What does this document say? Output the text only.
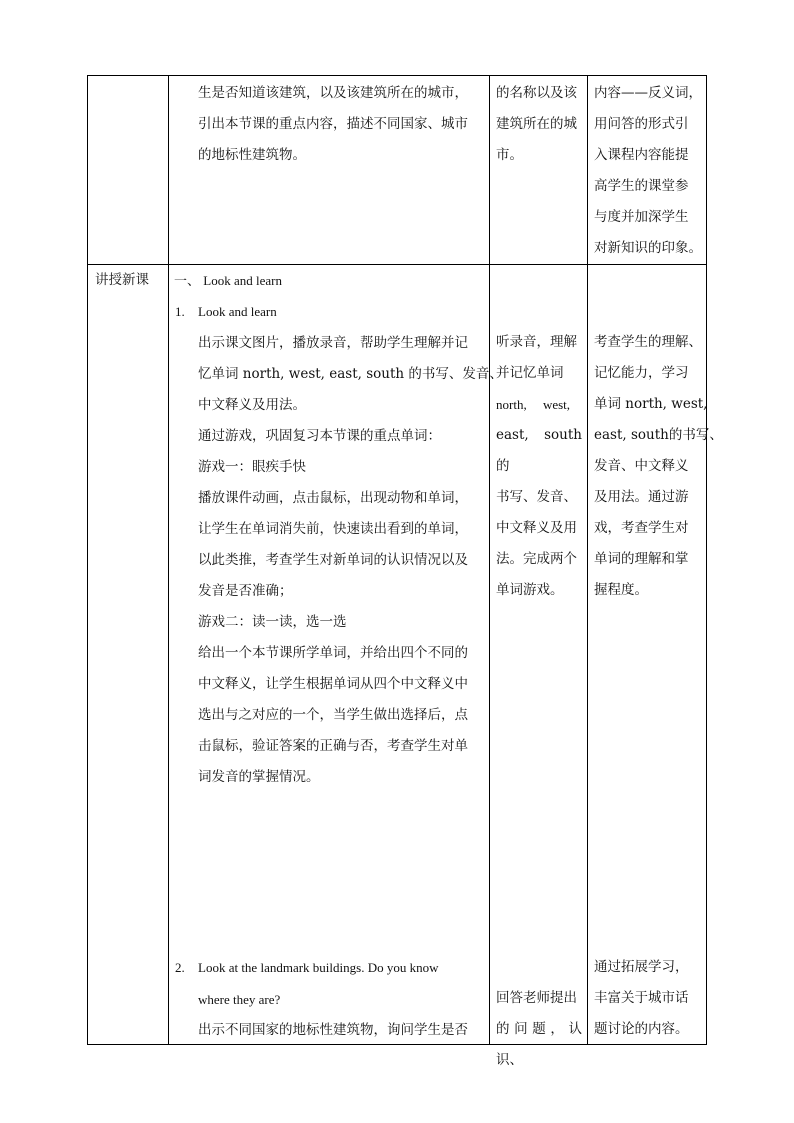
生是否知道该建筑，以及该建筑所在的城市，

引出本节课的重点内容，描述不同国家、城市

的地标性建筑物。

的名称以及该

建筑所在的城

市。

内容——反义词，

用问答的形式引

入课程内容能提

高学生的课堂参

与度并加深学生

对新知识的印象。

讲授新课 一、 Look and learn
1. Look and learn

出示课文图片，播放录音，帮助学生理解并记

忆单词 north, west, east, south 的书写、发音、

中文释义及用法。

通过游戏，巩固复习本节课的重点单词：

游戏一：眼疾手快

播放课件动画，点击鼠标，出现动物和单词，

让学生在单词消失前，快速读出看到的单词，

以此类推，考查学生对新单词的认识情况以及

发音是否准确；

游戏二：读一读，选一选

给出一个本节课所学单词，并给出四个不同的

中文释义，让学生根据单词从四个中文释义中

选出与之对应的一个，当学生做出选择后，点

击鼠标，验证答案的正确与否，考查学生对单

词发音的掌握情况。

2. Look at the landmark buildings. Do you know

where they are?

出示不同国家的地标性建筑物，询问学生是否

听录音，理解

并记忆单词

north,     west,

east, south 的

书写、发音、

中文释义及用

法。完成两个

单词游戏。

回答老师提出

的问题，认识、

考查学生的理解、

记忆能力，学习

单词 north, west,

east, south的书写、

发音、中文释义

及用法。通过游

戏，考查学生对

单词的理解和掌

握程度。

通过拓展学习，

丰富关于城市话

题讨论的内容。
